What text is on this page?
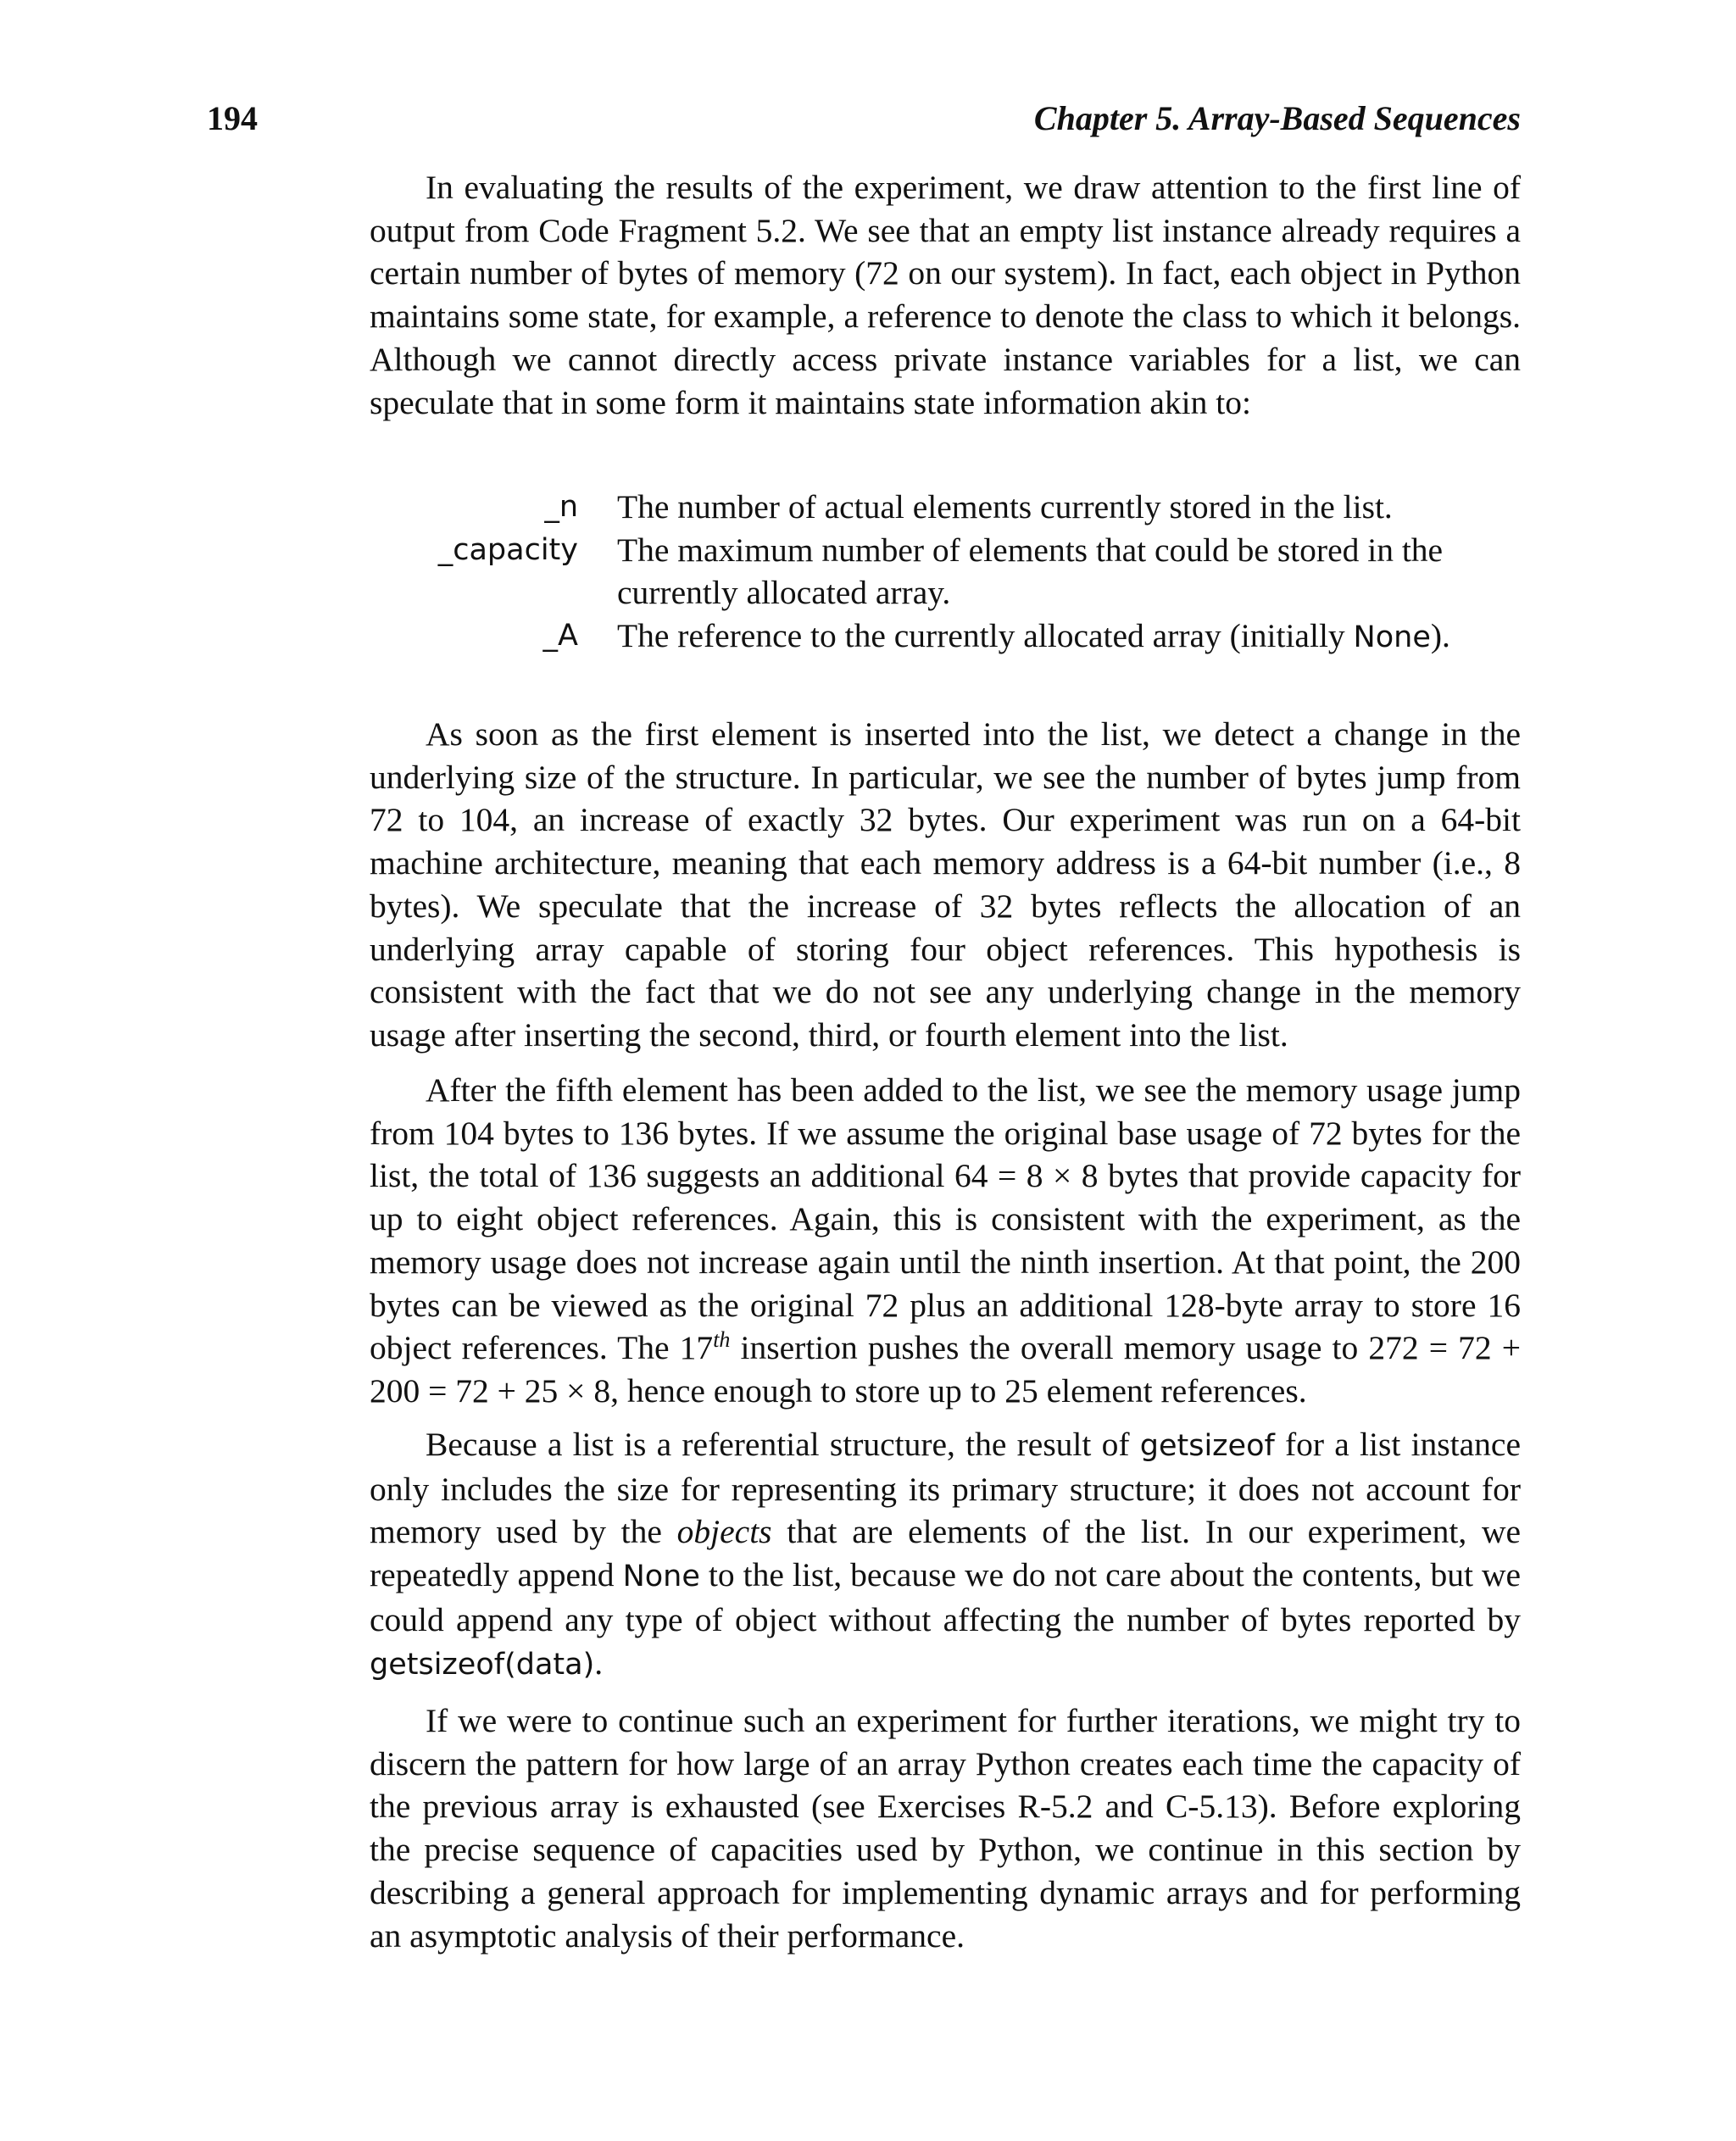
194	Chapter 5. Array-Based Sequences

In evaluating the results of the experiment, we draw attention to the first line of output from Code Fragment 5.2. We see that an empty list instance already requires a certain number of bytes of memory (72 on our system). In fact, each object in Python maintains some state, for example, a reference to denote the class to which it belongs. Although we cannot directly access private instance variables for a list, we can speculate that in some form it maintains state information akin to:

_n	The number of actual elements currently stored in the list.
_capacity	The maximum number of elements that could be stored in the currently allocated array.
_A	The reference to the currently allocated array (initially None).

As soon as the first element is inserted into the list, we detect a change in the underlying size of the structure. In particular, we see the number of bytes jump from 72 to 104, an increase of exactly 32 bytes. Our experiment was run on a 64-bit machine architecture, meaning that each memory address is a 64-bit number (i.e., 8 bytes). We speculate that the increase of 32 bytes reflects the allocation of an underlying array capable of storing four object references. This hypothesis is consistent with the fact that we do not see any underlying change in the memory usage after inserting the second, third, or fourth element into the list.

After the fifth element has been added to the list, we see the memory usage jump from 104 bytes to 136 bytes. If we assume the original base usage of 72 bytes for the list, the total of 136 suggests an additional 64 = 8 × 8 bytes that provide capacity for up to eight object references. Again, this is consistent with the experiment, as the memory usage does not increase again until the ninth insertion. At that point, the 200 bytes can be viewed as the original 72 plus an additional 128-byte array to store 16 object references. The 17th insertion pushes the overall memory usage to 272 = 72 + 200 = 72 + 25 × 8, hence enough to store up to 25 element references.

Because a list is a referential structure, the result of getsizeof for a list instance only includes the size for representing its primary structure; it does not account for memory used by the objects that are elements of the list. In our experiment, we repeatedly append None to the list, because we do not care about the contents, but we could append any type of object without affecting the number of bytes reported by getsizeof(data).

If we were to continue such an experiment for further iterations, we might try to discern the pattern for how large of an array Python creates each time the capacity of the previous array is exhausted (see Exercises R-5.2 and C-5.13). Before exploring the precise sequence of capacities used by Python, we continue in this section by describing a general approach for implementing dynamic arrays and for performing an asymptotic analysis of their performance.
